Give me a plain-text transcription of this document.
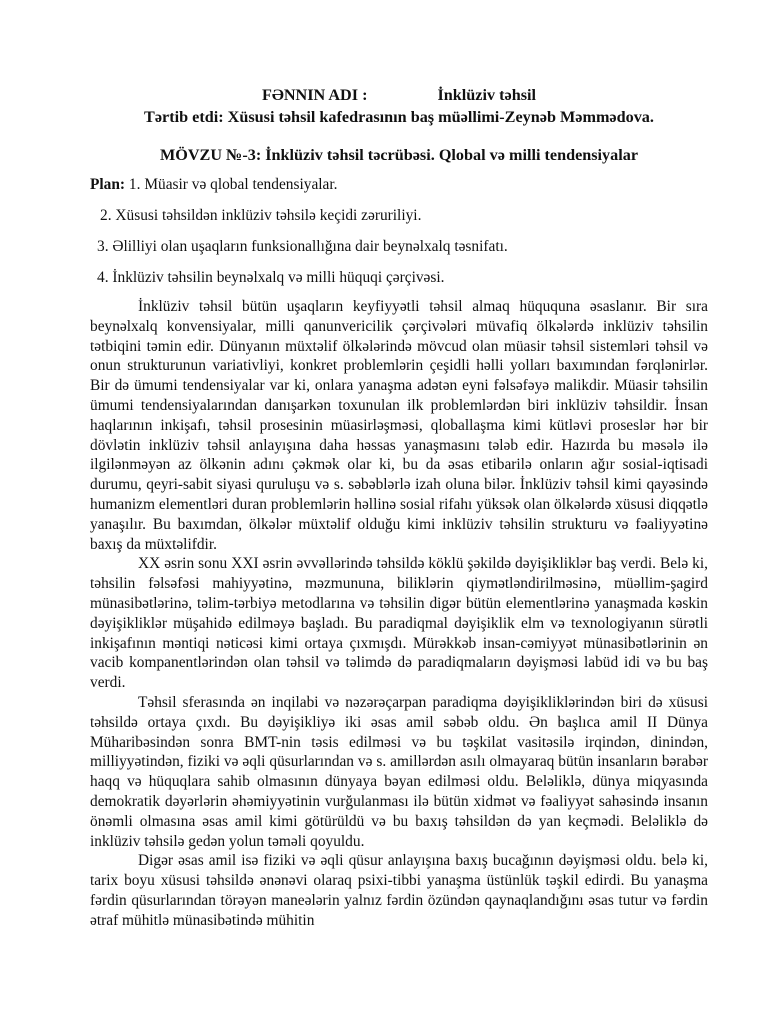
FƏNNIN ADI :	İnklüziv təhsil
Tərtib etdi: Xüsusi təhsil kafedrasının baş müəllimi-Zeynəb Məmmədova.
MÖVZU №-3: İnklüziv təhsil təcrübəsi. Qlobal və milli tendensiyalar
Plan: 1. Müasir və qlobal tendensiyalar.
2. Xüsusi təhsildən inklüziv təhsilə keçidi zəruriliyi.
3. Əlilliyi olan uşaqların funksionallığına dair beynəlxalq təsnifatı.
4. İnklüziv təhsilin beynəlxalq və milli hüquqi çərçivəsi.

İnklüziv təhsil bütün uşaqların keyfiyyətli təhsil almaq hüququna əsaslanır. Bir sıra beynəlxalq konvensiyalar, milli qanunvericilik çərçivələri müvafiq ölkələrdə inklüziv təhsilin tətbiqini təmin edir. Dünyanın müxtəlif ölkələrində mövcud olan müasir təhsil sistemləri təhsil və onun strukturunun variativliyi, konkret problemlərin çeşidli həlli yolları baxımından fərqlənirlər. Bir də ümumi tendensiyalar var ki, onlara yanaşma adətən eyni fəlsəfəyə malikdir. Müasir təhsilin ümumi tendensiyalarından danışarkən toxunulan ilk problemlərdən biri inklüziv təhsildir. İnsan haqlarının inkişafı, təhsil prosesinin müasirləşməsi, qloballaşma kimi kütləvi proseslər hər bir dövlətin inklüziv təhsil anlayışına daha həssas yanaşmasını tələb edir. Hazırda bu məsələ ilə ilgilənməyən az ölkənin adını çəkmək olar ki, bu da əsas etibarilə onların ağır sosial-iqtisadi durumu, qeyri-sabit siyasi quruluşu və s. səbəblərlə izah oluna bilər. İnklüziv təhsil kimi qayəsində humanizm elementləri duran problemlərin həllinə sosial rifahı yüksək olan ölkələrdə xüsusi diqqətlə yanaşılır. Bu baxımdan, ölkələr müxtəlif olduğu kimi inklüziv təhsilin strukturu və fəaliyyətinə baxış da müxtəlifdir.

XX əsrin sonu XXI əsrin əvvəllərində təhsildə köklü şəkildə dəyişikliklər baş verdi. Belə ki, təhsilin fəlsəfəsi mahiyyətinə, məzmununa, biliklərin qiymətləndirilməsinə, müəllim-şagird münasibətlərinə, təlim-tərbiyə metodlarına və təhsilin digər bütün elementlərinə yanaşmada kəskin dəyişikliklər müşahidə edilməyə başladı. Bu paradiqmal dəyişiklik elm və texnologiyanın sürətli inkişafının məntiqi nəticəsi kimi ortaya çıxmışdı. Mürəkkəb insan-cəmiyyət münasibətlərinin ən vacib kompanentlərindən olan təhsil və təlimdə də paradiqmaların dəyişməsi labüd idi və bu baş verdi.

Təhsil sferasında ən inqilabi və nəzərəçarpan paradiqma dəyişikliklərindən biri də xüsusi təhsildə ortaya çıxdı. Bu dəyişikliyə iki əsas amil səbəb oldu. Ən başlıca amil II Dünya Müharibəsindən sonra BMT-nin təsis edilməsi və bu təşkilat vasitəsilə irqindən, dinindən, milliyyətindən, fiziki və əqli qüsurlarından və s. amillərdən asılı olmayaraq bütün insanların bərabər haqq və hüquqlara sahib olmasının dünyaya bəyan edilməsi oldu. Beləliklə, dünya miqyasında demokratik dəyərlərin əhəmiyyətinin vurğulanması ilə bütün xidmət və fəaliyyət sahəsində insanın önəmli olmasına əsas amil kimi götürüldü və bu baxış təhsildən də yan keçmədi. Beləliklə də inklüziv təhsilə gedən yolun təməli qoyuldu.

Digər əsas amil isə fiziki və əqli qüsur anlayışına baxış bucağının dəyişməsi oldu. belə ki, tarix boyu xüsusi təhsildə ənənəvi olaraq psixi-tibbi yanaşma üstünlük təşkil edirdi. Bu yanaşma fərdin qüsurlarından törəyən maneələrin yalnız fərdin özündən qaynaqlandığını əsas tutur və fərdin ətraf mühitlə münasibətində mühitin
